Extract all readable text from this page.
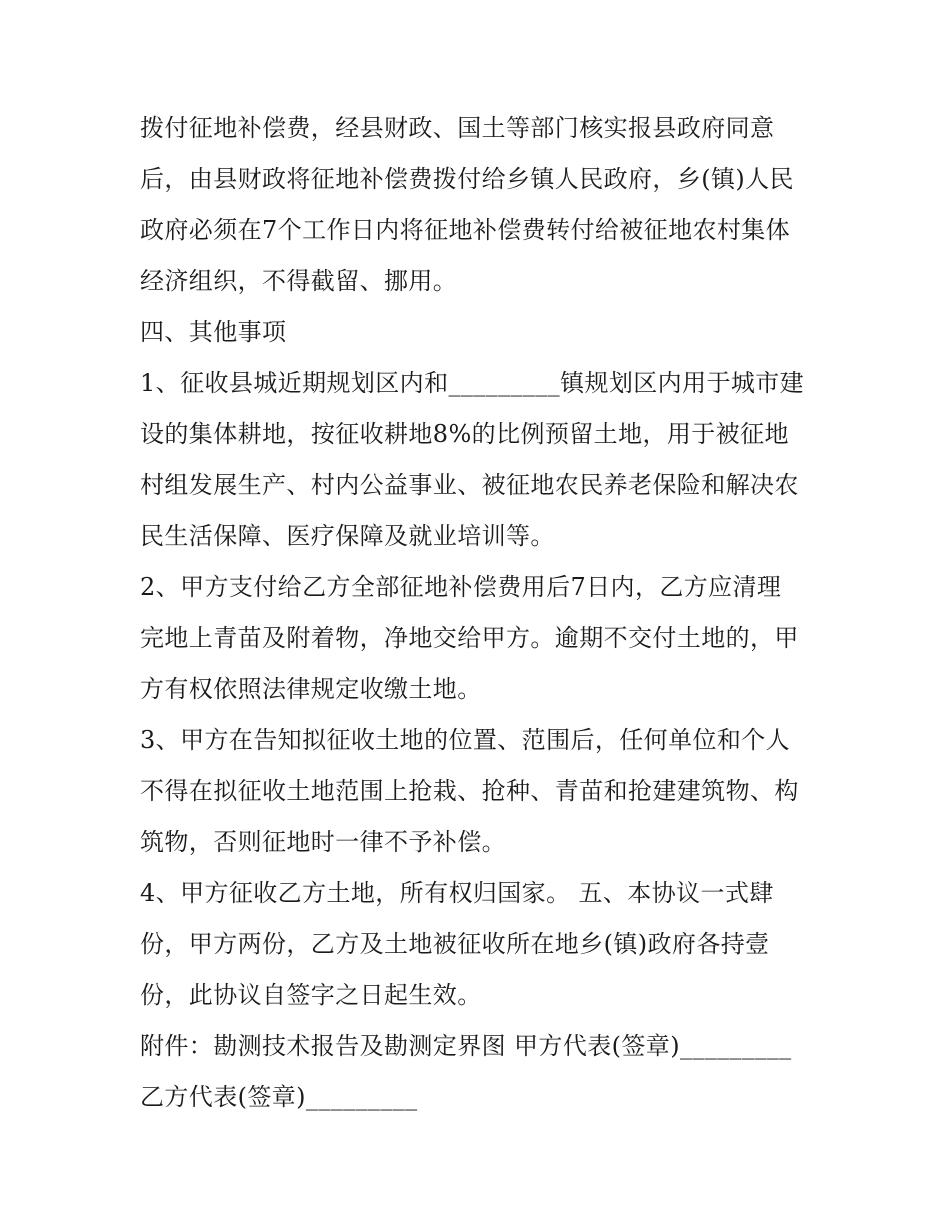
拨付征地补偿费，经县财政、国土等部门核实报县政府同意
后，由县财政将征地补偿费拨付给乡镇人民政府，乡(镇)人民
政府必须在7个工作日内将征地补偿费转付给被征地农村集体
经济组织，不得截留、挪用。
四、其他事项
1、征收县城近期规划区内和_________镇规划区内用于城市建
设的集体耕地，按征收耕地8%的比例预留土地，用于被征地
村组发展生产、村内公益事业、被征地农民养老保险和解决农
民生活保障、医疗保障及就业培训等。
2、甲方支付给乙方全部征地补偿费用后7日内，乙方应清理
完地上青苗及附着物，净地交给甲方。逾期不交付土地的，甲
方有权依照法律规定收缴土地。
3、甲方在告知拟征收土地的位置、范围后，任何单位和个人
不得在拟征收土地范围上抢栽、抢种、青苗和抢建建筑物、构
筑物，否则征地时一律不予补偿。
4、甲方征收乙方土地，所有权归国家。 五、本协议一式肆
份，甲方两份，乙方及土地被征收所在地乡(镇)政府各持壹
份，此协议自签字之日起生效。
附件：勘测技术报告及勘测定界图 甲方代表(签章)_________
乙方代表(签章)_________
